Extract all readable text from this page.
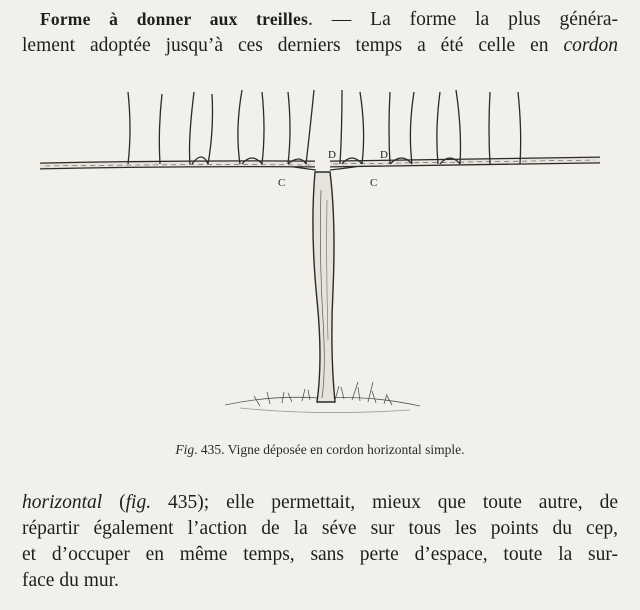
Forme à donner aux treilles. — La forme la plus généra-
lement adoptée jusqu’à ces derniers temps a été celle en cordon
D	D
C	C
Fig. 435. Vigne déposée en cordon horizontal simple.
horizontal (fig. 435); elle permettait, mieux que toute autre, de
répartir également l’action de la séve sur tous les points du cep,
et d’occuper en même temps, sans perte d’espace, toute la sur-
face du mur.
